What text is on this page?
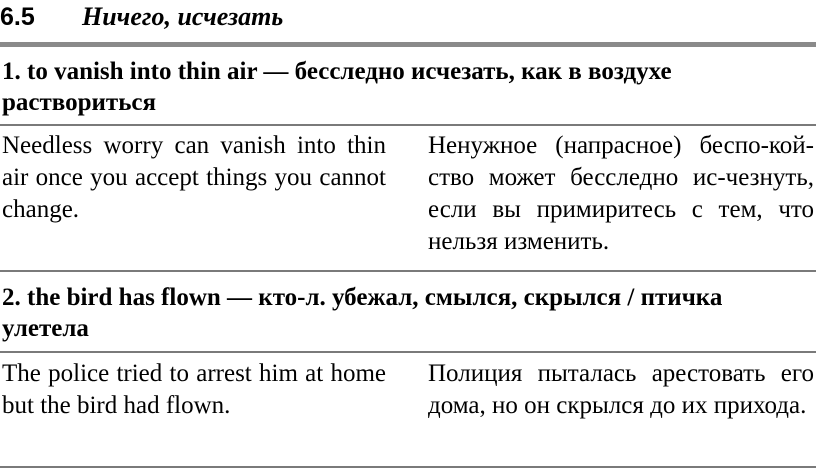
6.5 Ничего, исчезать
1. to vanish into thin air — бесследно исчезать, как в воздухе раствориться
Needless worry can vanish into thin air once you accept things you cannot change.
Ненужное (напрасное) беспо-койство может бесследно ис-чезнуть, если вы примиритесь с тем, что нельзя изменить.
2. the bird has flown — кто-л. убежал, смылся, скрылся / птичка улетела
The police tried to arrest him at home but the bird had flown.
Полиция пыталась арестовать его дома, но он скрылся до их прихода.
